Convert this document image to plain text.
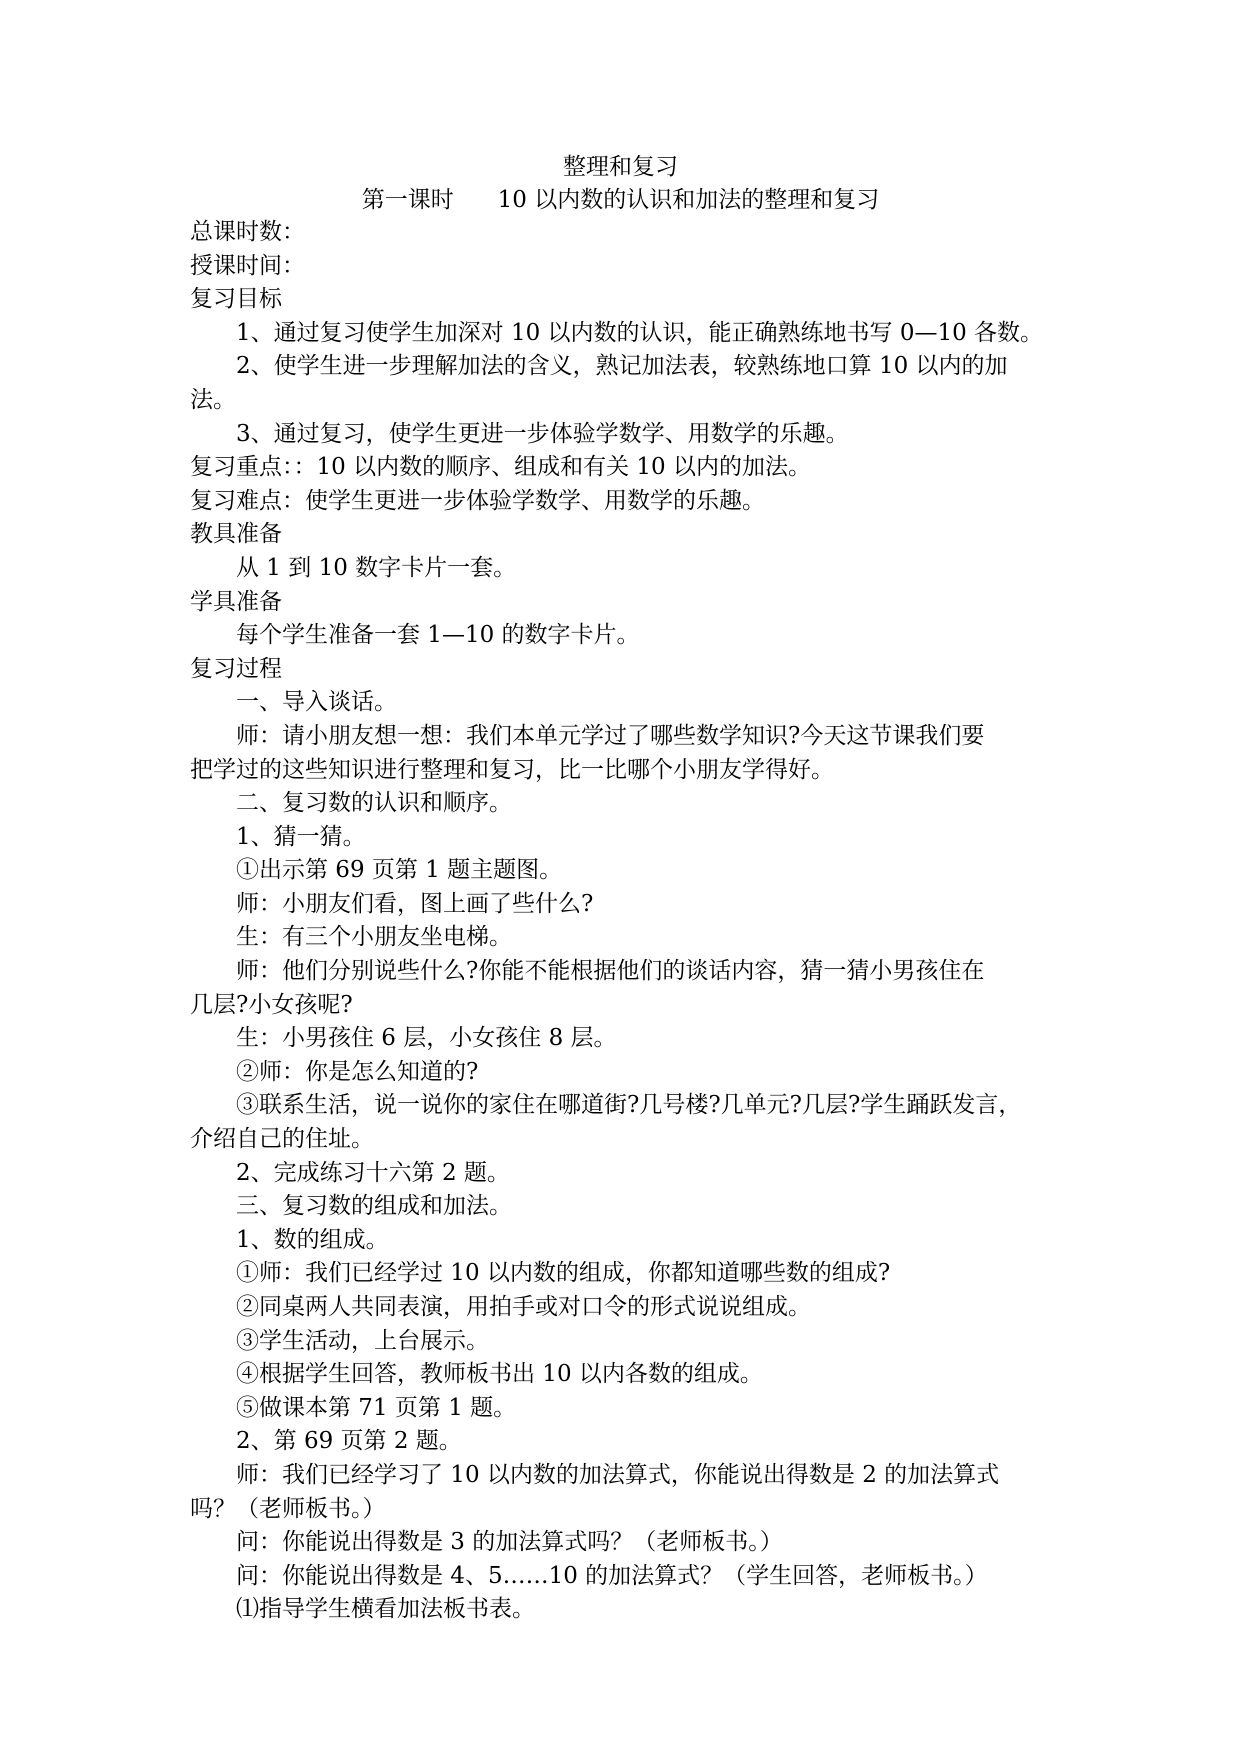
整理和复习
第一课时      10 以内数的认识和加法的整理和复习
总课时数：
授课时间：
复习目标
1、通过复习使学生加深对 10 以内数的认识，能正确熟练地书写 0—10 各数。
2、使学生进一步理解加法的含义，熟记加法表，较熟练地口算 10 以内的加
法。
3、通过复习，使学生更进一步体验学数学、用数学的乐趣。
复习重点：：10 以内数的顺序、组成和有关 10 以内的加法。
复习难点：使学生更进一步体验学数学、用数学的乐趣。
教具准备
从 1 到 10 数字卡片一套。
学具准备
每个学生准备一套 1—10 的数字卡片。
复习过程
一、导入谈话。
师：请小朋友想一想：我们本单元学过了哪些数学知识?今天这节课我们要
把学过的这些知识进行整理和复习，比一比哪个小朋友学得好。
二、复习数的认识和顺序。
1、猜一猜。
①出示第 69 页第 1 题主题图。
师：小朋友们看，图上画了些什么?
生：有三个小朋友坐电梯。
师：他们分别说些什么?你能不能根据他们的谈话内容，猜一猜小男孩住在
几层?小女孩呢?
生：小男孩住 6 层，小女孩住 8 层。
②师：你是怎么知道的?
③联系生活，说一说你的家住在哪道街?几号楼?几单元?几层?学生踊跃发言，
介绍自己的住址。
2、完成练习十六第 2 题。
三、复习数的组成和加法。
1、数的组成。
①师：我们已经学过 10 以内数的组成，你都知道哪些数的组成?
②同桌两人共同表演，用拍手或对口令的形式说说组成。
③学生活动，上台展示。
④根据学生回答，教师板书出 10 以内各数的组成。
⑤做课本第 71 页第 1 题。
2、第 69 页第 2 题。
师：我们已经学习了 10 以内数的加法算式，你能说出得数是 2 的加法算式
吗？（老师板书。）
问：你能说出得数是 3 的加法算式吗？（老师板书。）
问：你能说出得数是 4、5……10 的加法算式？（学生回答，老师板书。）
⑴指导学生横看加法板书表。
